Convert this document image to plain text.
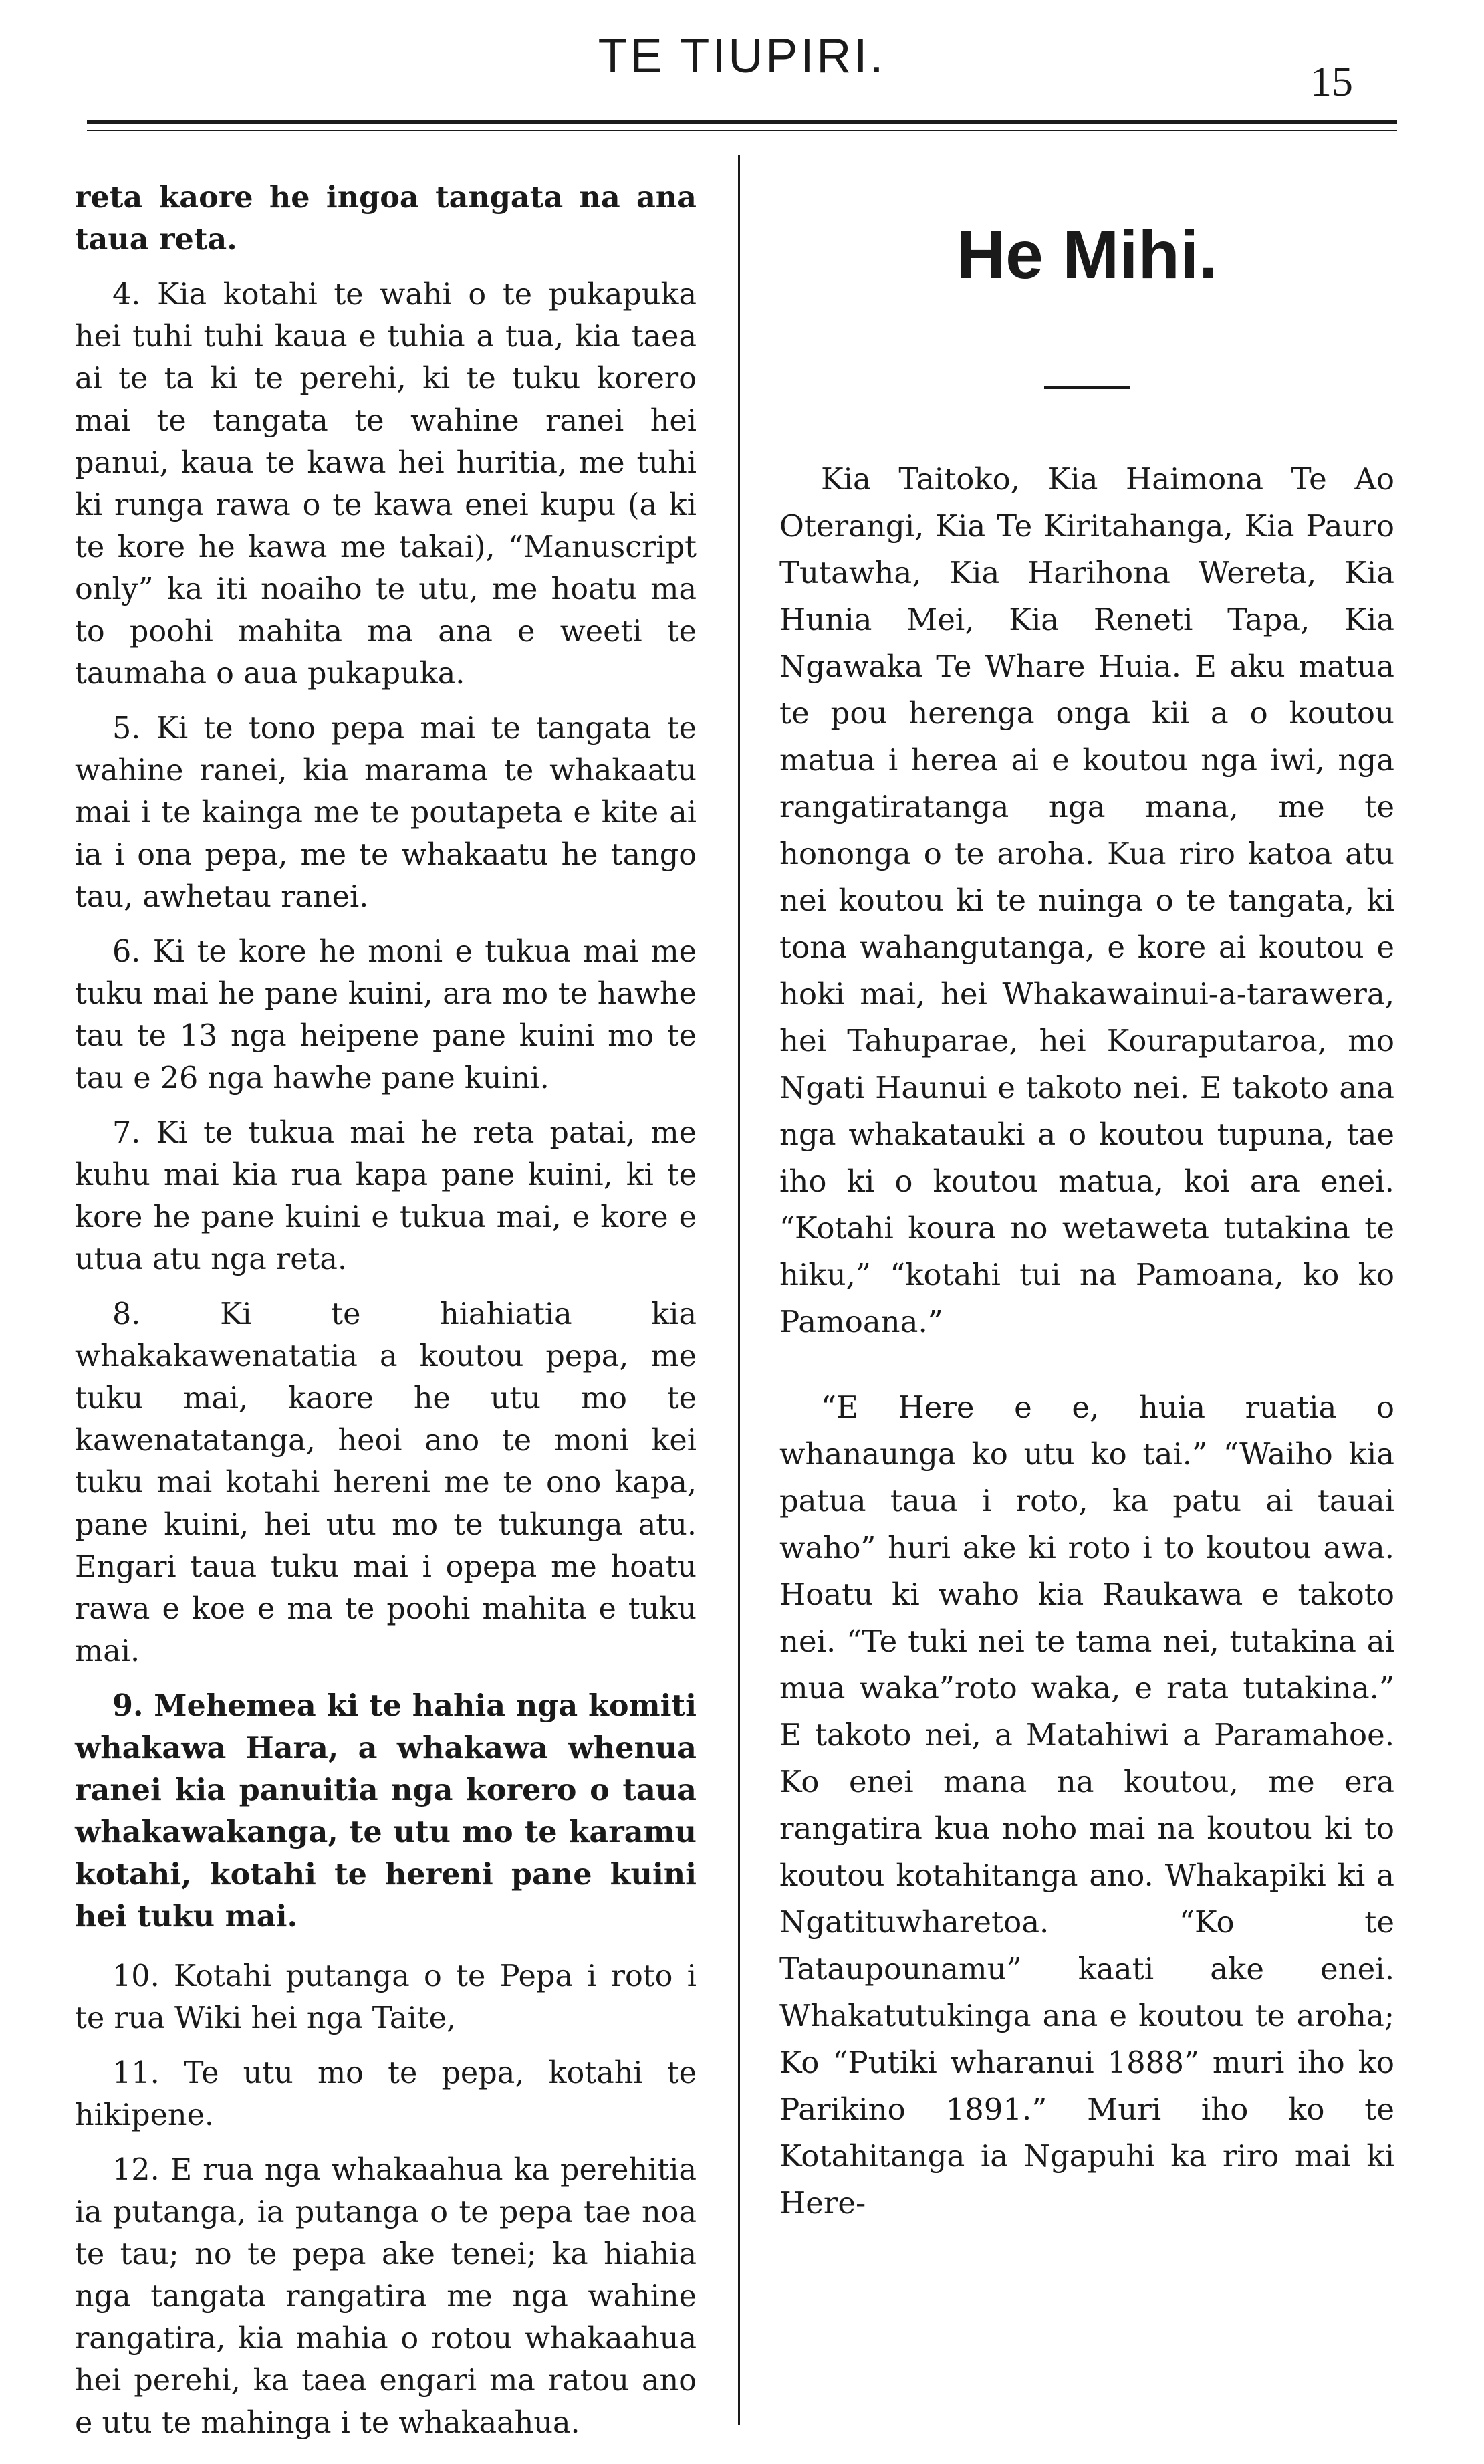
TE TIUPIRI.	15

reta kaore he ingoa tangata na ana taua reta.

4. Kia kotahi te wahi o te pukapuka hei tuhi tuhi kaua e tuhia a tua, kia taea ai te ta ki te perehi, ki te tuku korero mai te tangata te wahine ranei hei panui, kaua te kawa hei huritia, me tuhi ki runga rawa o te kawa enei kupu (a ki te kore he kawa me takai), “Manuscript only” ka iti noaiho te utu, me hoatu ma to poohi mahita ma ana e weeti te taumaha o aua pukapuka.

5. Ki te tono pepa mai te tangata te wahine ranei, kia marama te whakaatu mai i te kainga me te poutapeta e kite ai ia i ona pepa, me te whakaatu he tango tau, awhetau ranei.

6. Ki te kore he moni e tukua mai me tuku mai he pane kuini, ara mo te hawhe tau te 13 nga heipene pane kuini mo te tau e 26 nga hawhe pane kuini.

7. Ki te tukua mai he reta patai, me kuhu mai kia rua kapa pane kuini, ki te kore he pane kuini e tukua mai, e kore e utua atu nga reta.

8. Ki te hiahiatia kia whakakawenatatia a koutou pepa, me tuku mai, kaore he utu mo te kawenatatanga, heoi ano te moni kei tuku mai kotahi hereni me te ono kapa, pane kuini, hei utu mo te tukunga atu. Engari taua tuku mai i opepa me hoatu rawa e koe e ma te poohi mahita e tuku mai.

9. Mehemea ki te hahia nga komiti whakawa Hara, a whakawa whenua ranei kia panuitia nga korero o taua whakawakanga, te utu mo te karamu kotahi, kotahi te hereni pane kuini hei tuku mai.

10. Kotahi putanga o te Pepa i roto i te rua Wiki hei nga Taite,

11. Te utu mo te pepa, kotahi te hikipene.

12. E rua nga whakaahua ka perehitia ia putanga, ia putanga o te pepa tae noa te tau; no te pepa ake tenei; ka hiahia nga tangata rangatira me nga wahine rangatira, kia mahia o rotou whakaahua hei perehi, ka taea engari ma ratou ano e utu te mahinga i te whakaahua.

He Mihi.

Kia Taitoko, Kia Haimona Te Ao Oterangi, Kia Te Kiritahanga, Kia Pauro Tutawha, Kia Harihona Wereta, Kia Hunia Mei, Kia Reneti Tapa, Kia Ngawaka Te Whare Huia. E aku matua te pou herenga onga kii a o koutou matua i herea ai e koutou nga iwi, nga rangatiratanga nga mana, me te hononga o te aroha. Kua riro katoa atu nei koutou ki te nuinga o te tangata, ki tona wahangutanga, e kore ai koutou e hoki mai, hei Whakawainui-a-tarawera, hei Tahuparae, hei Kouraputaroa, mo Ngati Haunui e takoto nei. E takoto ana nga whakatauki a o koutou tupuna, tae iho ki o koutou matua, koi ara enei. “Kotahi koura no wetaweta tutakina te hiku,” “kotahi tui na Pamoana, ko ko Pamoana.”

“E Here e e, huia ruatia o whanaunga ko utu ko tai.” “Waiho kia patua taua i roto, ka patu ai tauai waho” huri ake ki roto i to koutou awa. Hoatu ki waho kia Raukawa e takoto nei. “Te tuki nei te tama nei, tutakina ai mua waka”roto waka, e rata tutakina.” E takoto nei, a Matahiwi a Paramahoe. Ko enei mana na koutou, me era rangatira kua noho mai na koutou ki to koutou kotahitanga ano. Whakapiki ki a Ngatituwharetoa. “Ko te Tataupounamu” kaati ake enei. Whakatutukinga ana e koutou te aroha; Ko “Putiki wharanui 1888” muri iho ko Parikino 1891.” Muri iho ko te Kotahitanga ia Ngapuhi ka riro mai ki Here-
